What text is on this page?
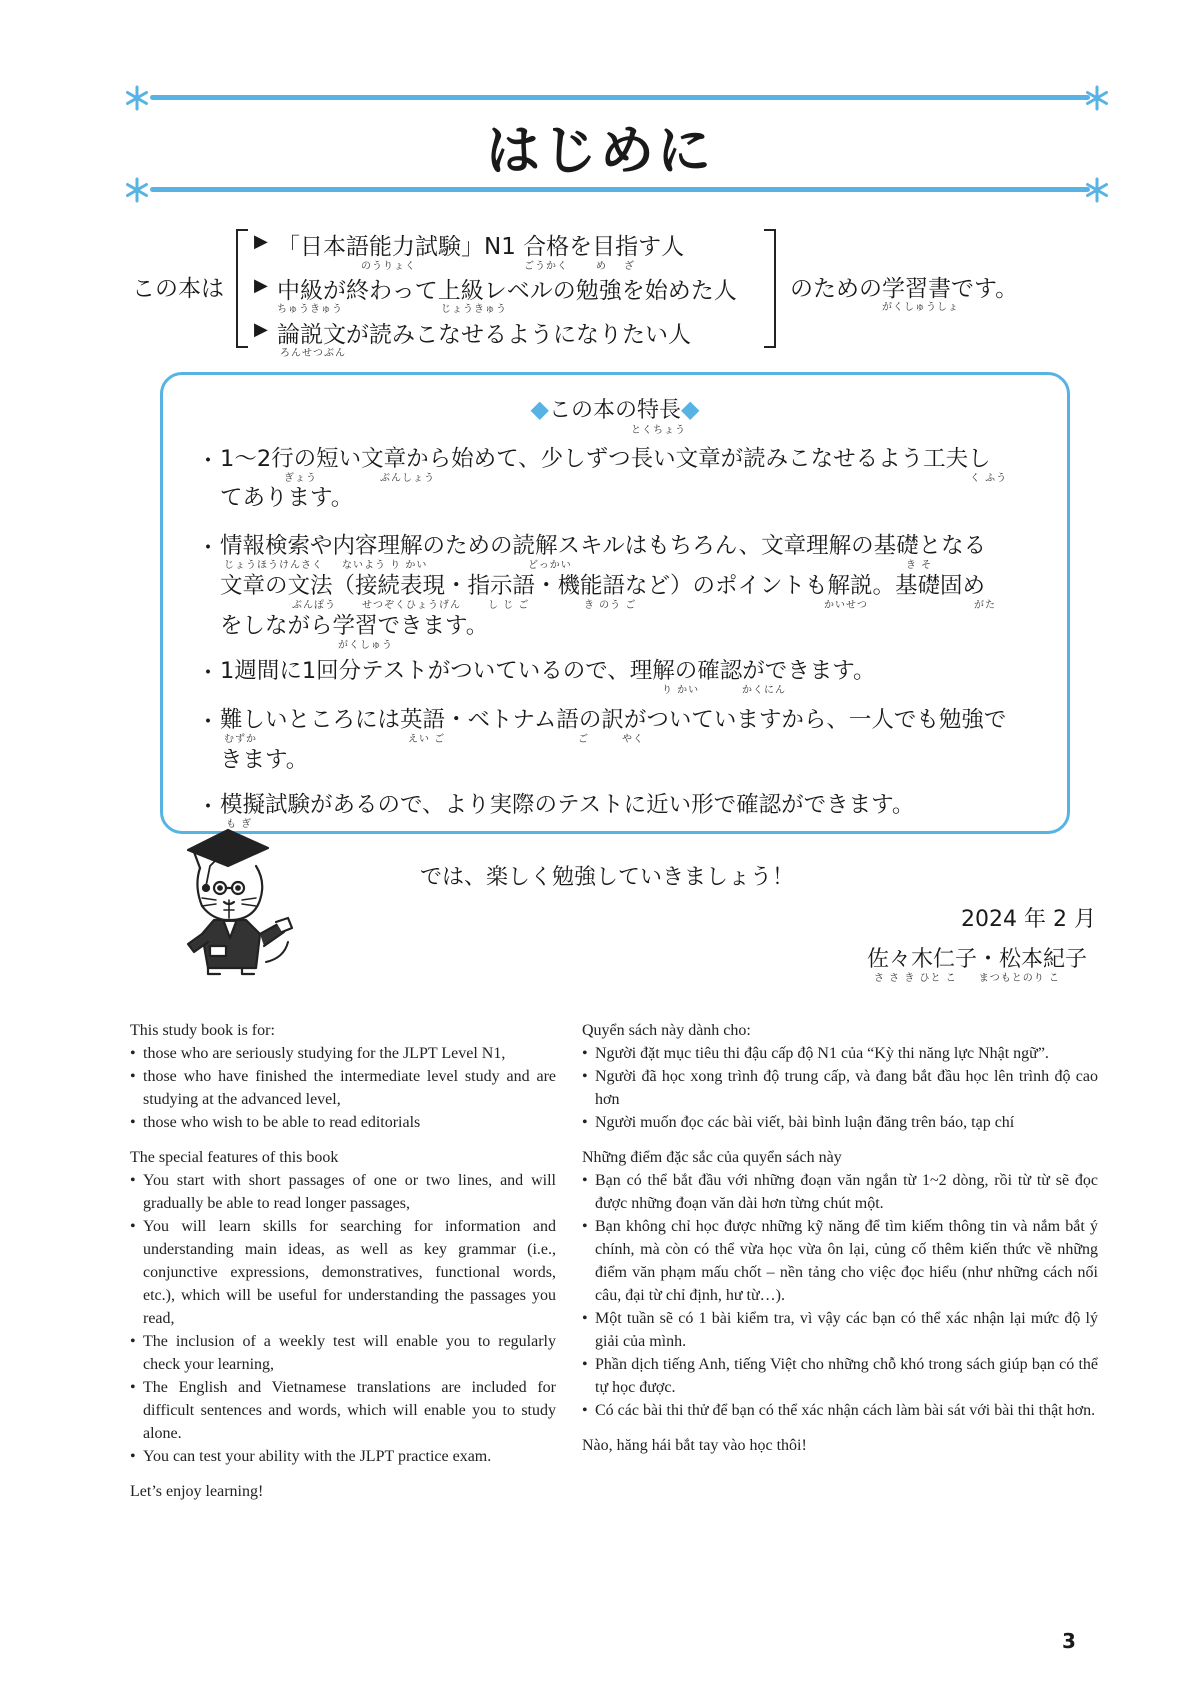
はじめに
この本は
▶ 「日本語能力試験」N1 合格を目指す人
のうりょく	ごうかく	め ざ
▶ 中級が終わって上級レベルの勉強を始めた人
ちゅうきゅう	じょうきゅう
▶ 論説文が読みこなせるようになりたい人
ろんせつぶん
のための学習書です。
がくしゅうしょ
◆この本の特長◆
とくちょう
・ 1〜2行の短い文章から始めて、少しずつ長い文章が読みこなせるよう工夫し
ぎょう	ぶんしょう	く ふう
てあります。
・ 情報検索や内容理解のための読解スキルはもちろん、文章理解の基礎となる
じょうほうけんさく ないよう り かい	どっかい	き そ
文章の文法（接続表現・指示語・機能語など）のポイントも解説。基礎固め
ぶんぽう	せつぞくひょうげん	し じ ご	き のう ご	かいせつ	がた
をしながら学習できます。
がくしゅう
・ 1週間に1回分テストがついているので、理解の確認ができます。
り かい	かくにん
・ 難しいところには英語・ベトナム語の訳がついていますから、一人でも勉強で
むずか	えい ご	ご	やく
きます。
・ 模擬試験があるので、より実際のテストに近い形で確認ができます。
も ぎ
では、楽しく勉強していきましょう！
2024 年 2 月
佐々木仁子・松本紀子
さ さ き ひと こ　　まつもとのり こ

This study book is for:

• those who are seriously studying for the JLPT Level N1,
• those who have finished the intermediate level study and are studying at the advanced level,
• those who wish to be able to read editorials

The special features of this book

• You start with short passages of one or two lines, and will gradually be able to read longer passages,
• You will learn skills for searching for information and understanding main ideas, as well as key grammar (i.e., conjunctive expressions, demonstratives, functional words, etc.), which will be useful for understanding the passages you read,
• The inclusion of a weekly test will enable you to regularly check your learning,
• The English and Vietnamese translations are included for difficult sentences and words, which will enable you to study alone.
• You can test your ability with the JLPT practice exam.

Let’s enjoy learning!

Quyển sách này dành cho:

• Người đặt mục tiêu thi đậu cấp độ N1 của “Kỳ thi năng lực Nhật ngữ”.
• Người đã học xong trình độ trung cấp, và đang bắt đầu học lên trình độ cao hơn
• Người muốn đọc các bài viết, bài bình luận đăng trên báo, tạp chí

Những điểm đặc sắc của quyển sách này

• Bạn có thể bắt đầu với những đoạn văn ngắn từ 1~2 dòng, rồi từ từ sẽ đọc được những đoạn văn dài hơn từng chút một.
• Bạn không chỉ học được những kỹ năng để tìm kiếm thông tin và nắm bắt ý chính, mà còn có thể vừa học vừa ôn lại, củng cố thêm kiến thức về những điểm văn phạm mấu chốt – nền tảng cho việc đọc hiểu (như những cách nối câu, đại từ chỉ định, hư từ…).
• Một tuần sẽ có 1 bài kiểm tra, vì vậy các bạn có thể xác nhận lại mức độ lý giải của mình.
• Phần dịch tiếng Anh, tiếng Việt cho những chỗ khó trong sách giúp bạn có thể tự học được.
• Có các bài thi thử để bạn có thể xác nhận cách làm bài sát với bài thi thật hơn.

Nào, hăng hái bắt tay vào học thôi!

3
